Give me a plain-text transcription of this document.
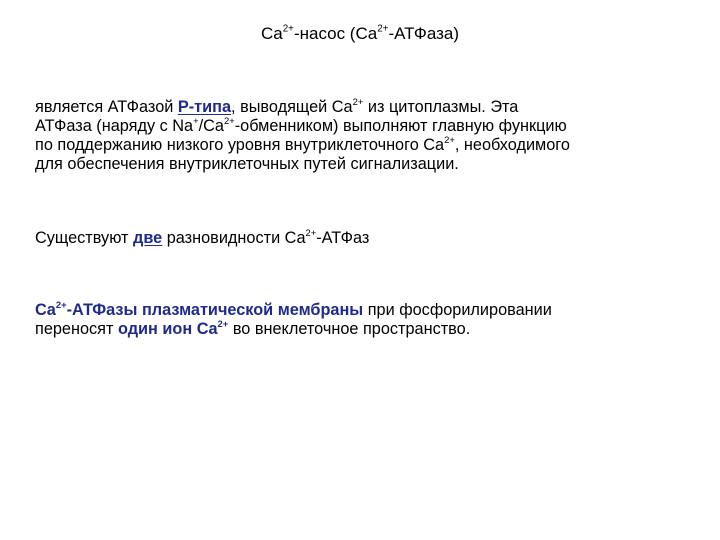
$Ca^{2+}$-насос $(Ca^{2+}-АТФаза)$
является АТФазой P-типа, выводящей $Ca^{2+}$ из цитоплазмы. Эта
АТФаза (наряду с $Na^+/Ca^{2+}-обменником$) выполняют главную функцию
по поддержанию низкого уровня внутриклеточного $Ca^{2+}$, необходимого
для обеспечения внутриклеточных путей сигнализации.
Существуют две разновидности $Ca^{2+}$-АТФаз
$Ca^{2+}$-АТФазы плазматической мембраны при фосфорилировании
переносят один ион $Ca^{2+}$ во внеклеточное пространство.
